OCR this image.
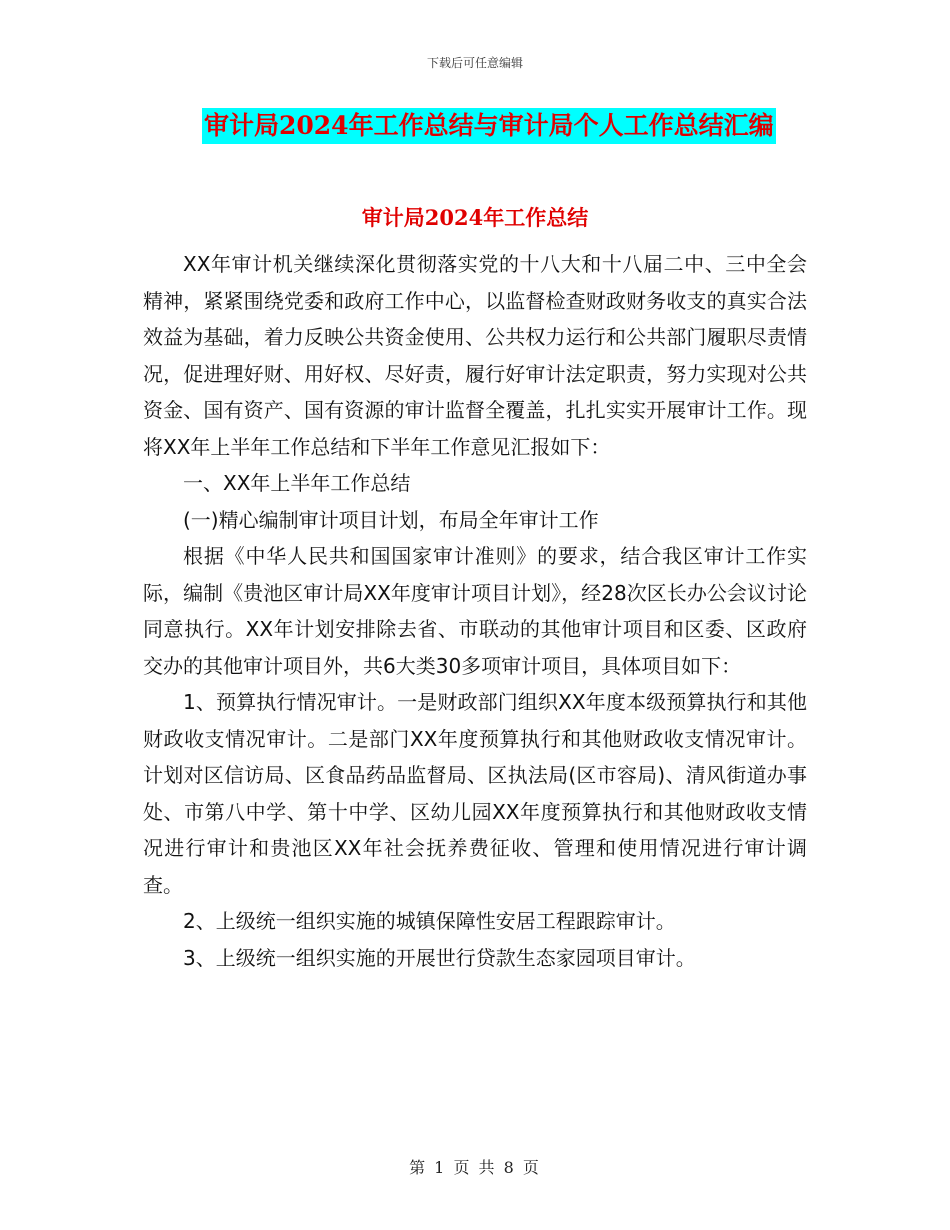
下载后可任意编辑
审计局2024年工作总结与审计局个人工作总结汇编
审计局2024年工作总结

XX年审计机关继续深化贯彻落实党的十八大和十八届二中、三中全会精神，紧紧围绕党委和政府工作中心，以监督检查财政财务收支的真实合法效益为基础，着力反映公共资金使用、公共权力运行和公共部门履职尽责情况，促进理好财、用好权、尽好责，履行好审计法定职责，努力实现对公共资金、国有资产、国有资源的审计监督全覆盖，扎扎实实开展审计工作。现将XX年上半年工作总结和下半年工作意见汇报如下：

一、XX年上半年工作总结

(一)精心编制审计项目计划，布局全年审计工作

根据《中华人民共和国国家审计准则》的要求，结合我区审计工作实际，编制《贵池区审计局XX年度审计项目计划》，经28次区长办公会议讨论同意执行。XX年计划安排除去省、市联动的其他审计项目和区委、区政府交办的其他审计项目外，共6大类30多项审计项目，具体项目如下：

1、预算执行情况审计。一是财政部门组织XX年度本级预算执行和其他财政收支情况审计。二是部门XX年度预算执行和其他财政收支情况审计。计划对区信访局、区食品药品监督局、区执法局(区市容局)、清风街道办事处、市第八中学、第十中学、区幼儿园XX年度预算执行和其他财政收支情况进行审计和贵池区XX年社会抚养费征收、管理和使用情况进行审计调查。

2、上级统一组织实施的城镇保障性安居工程跟踪审计。

3、上级统一组织实施的开展世行贷款生态家园项目审计。

第 1 页 共 8 页
